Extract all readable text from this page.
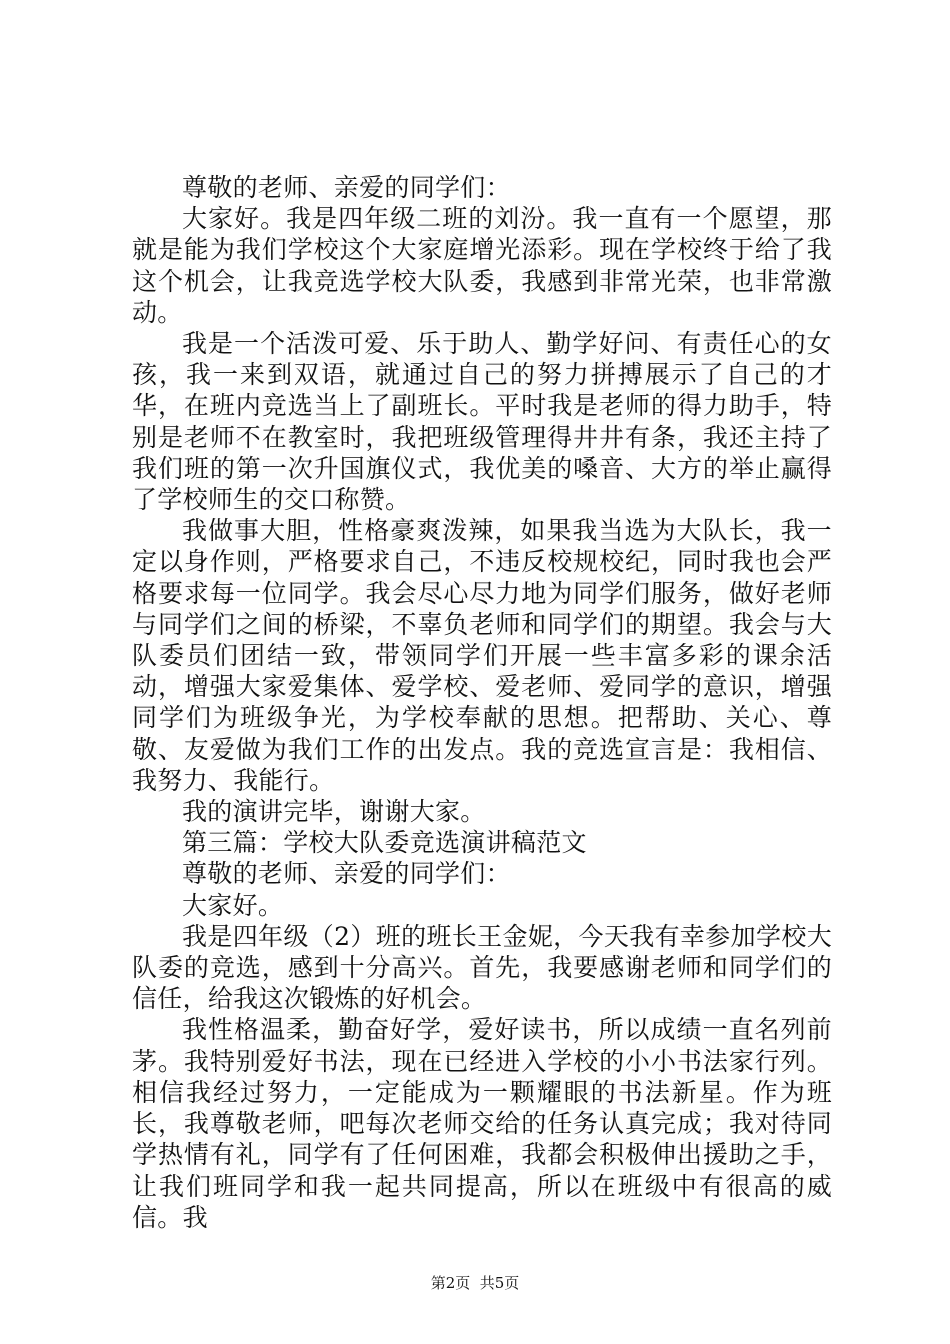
尊敬的老师、亲爱的同学们：

大家好。我是四年级二班的刘汾。我一直有一个愿望，那就是能为我们学校这个大家庭增光添彩。现在学校终于给了我这个机会，让我竞选学校大队委，我感到非常光荣，也非常激动。

我是一个活泼可爱、乐于助人、勤学好问、有责任心的女孩，我一来到双语，就通过自己的努力拼搏展示了自己的才华，在班内竞选当上了副班长。平时我是老师的得力助手，特别是老师不在教室时，我把班级管理得井井有条，我还主持了我们班的第一次升国旗仪式，我优美的嗓音、大方的举止赢得了学校师生的交口称赞。

我做事大胆，性格豪爽泼辣，如果我当选为大队长，我一定以身作则，严格要求自己，不违反校规校纪，同时我也会严格要求每一位同学。我会尽心尽力地为同学们服务，做好老师与同学们之间的桥梁，不辜负老师和同学们的期望。我会与大队委员们团结一致，带领同学们开展一些丰富多彩的课余活动，增强大家爱集体、爱学校、爱老师、爱同学的意识，增强同学们为班级争光，为学校奉献的思想。把帮助、关心、尊敬、友爱做为我们工作的出发点。我的竞选宣言是：我相信、我努力、我能行。

我的演讲完毕，谢谢大家。

第三篇：学校大队委竞选演讲稿范文

尊敬的老师、亲爱的同学们：

大家好。

我是四年级（2）班的班长王金妮，今天我有幸参加学校大队委的竞选，感到十分高兴。首先，我要感谢老师和同学们的信任，给我这次锻炼的好机会。

我性格温柔，勤奋好学，爱好读书，所以成绩一直名列前茅。我特别爱好书法，现在已经进入学校的小小书法家行列。相信我经过努力，一定能成为一颗耀眼的书法新星。作为班长，我尊敬老师，吧每次老师交给的任务认真完成；我对待同学热情有礼，同学有了任何困难，我都会积极伸出援助之手，让我们班同学和我一起共同提高，所以在班级中有很高的威信。我

第2页  共5页
